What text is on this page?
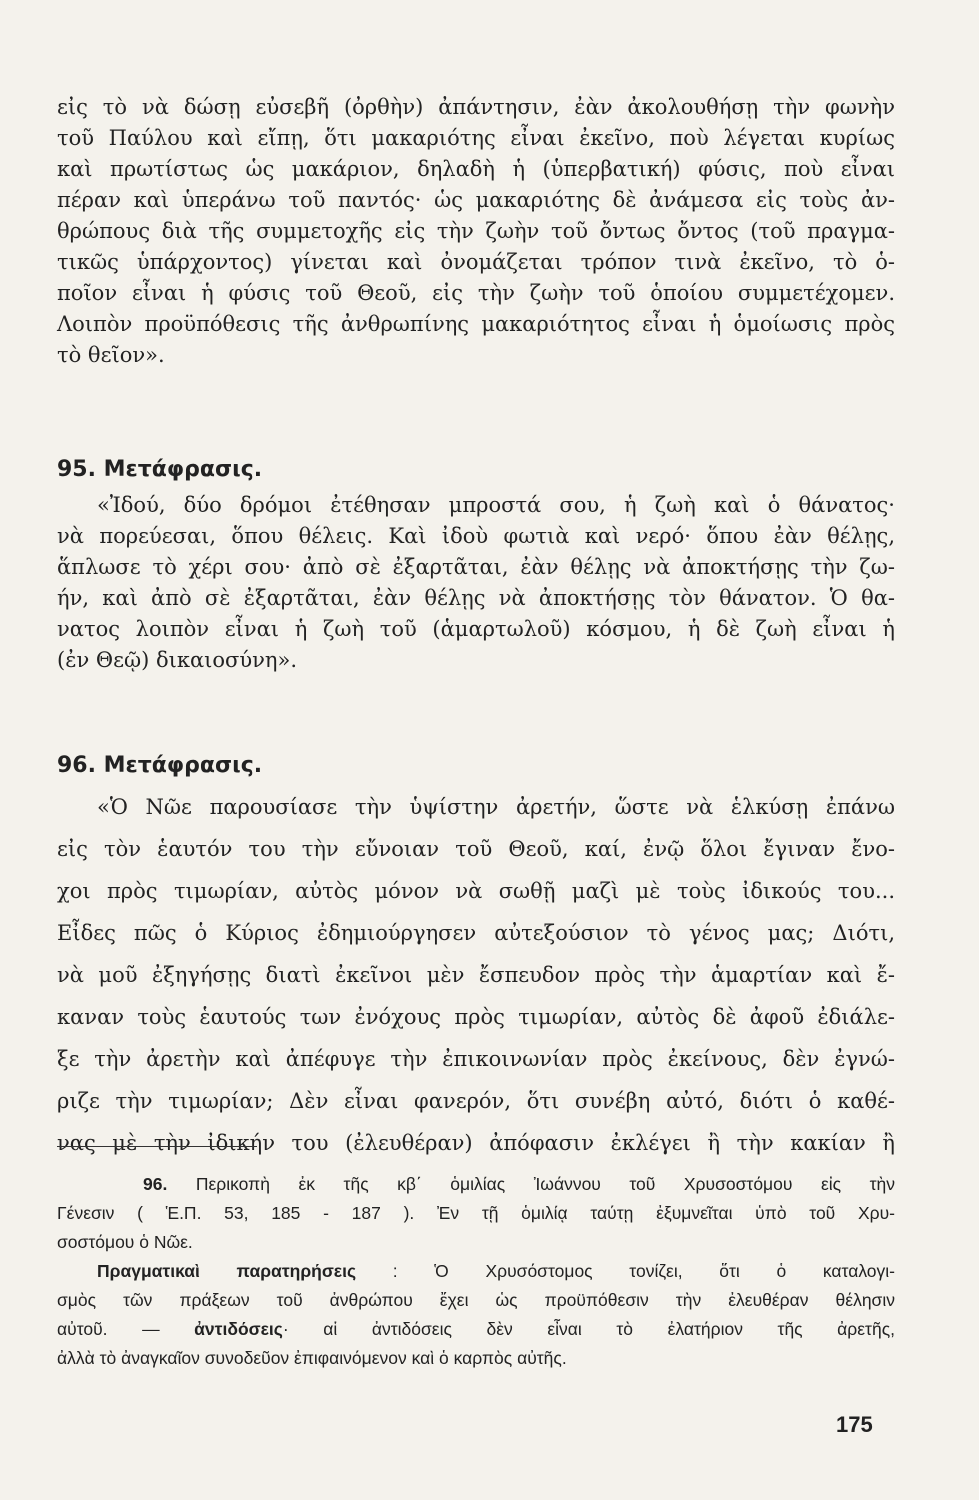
εἰς τὸ νὰ δώσῃ εὐσεβῆ (ὀρθὴν) ἀπάντησιν, ἐὰν ἀκολουθήσῃ τὴν φωνὴν
τοῦ Παύλου καὶ εἴπῃ, ὅτι μακαριότης εἶναι ἐκεῖνο, ποὺ λέγεται κυρίως
καὶ πρωτίστως ὡς μακάριον, δηλαδὴ ἡ (ὑπερβατική) φύσις, ποὺ εἶναι
πέραν καὶ ὑπεράνω τοῦ παντός· ὡς μακαριότης δὲ ἀνάμεσα εἰς τοὺς ἀν-
θρώπους διὰ τῆς συμμετοχῆς εἰς τὴν ζωὴν τοῦ ὄντως ὄντος (τοῦ πραγμα-
τικῶς ὑπάρχοντος) γίνεται καὶ ὀνομάζεται τρόπον τινὰ ἐκεῖνο, τὸ ὁ-
ποῖον εἶναι ἡ φύσις τοῦ Θεοῦ, εἰς τὴν ζωὴν τοῦ ὁποίου συμμετέχομεν.
Λοιπὸν προϋπόθεσις τῆς ἀνθρωπίνης μακαριότητος εἶναι ἡ ὁμοίωσις πρὸς
τὸ θεῖον».
95. Μετάφρασις.
«Ἰδού, δύο δρόμοι ἐτέθησαν μπροστά σου, ἡ ζωὴ καὶ ὁ θάνατος·
νὰ πορεύεσαι, ὅπου θέλεις. Καὶ ἰδοὺ φωτιὰ καὶ νερό· ὅπου ἐὰν θέλῃς,
ἅπλωσε τὸ χέρι σου· ἀπὸ σὲ ἐξαρτᾶται, ἐὰν θέλῃς νὰ ἀποκτήσῃς τὴν ζω-
ήν, καὶ ἀπὸ σὲ ἐξαρτᾶται, ἐὰν θέλῃς νὰ ἀποκτήσῃς τὸν θάνατον. Ὁ θα-
νατος λοιπὸν εἶναι ἡ ζωὴ τοῦ (ἁμαρτωλοῦ) κόσμου, ἡ δὲ ζωὴ εἶναι ἡ
(ἐν Θεῷ) δικαιοσύνη».
96. Μετάφρασις.
«Ὁ Νῶε παρουσίασε τὴν ὑψίστην ἀρετήν, ὥστε νὰ ἑλκύσῃ ἐπάνω
εἰς τὸν ἑαυτόν του τὴν εὔνοιαν τοῦ Θεοῦ, καί, ἐνῷ ὅλοι ἔγιναν ἔνο-
χοι πρὸς τιμωρίαν, αὐτὸς μόνον νὰ σωθῇ μαζὶ μὲ τοὺς ἰδικούς του...
Εἶδες πῶς ὁ Κύριος ἐδημιούργησεν αὐτεξούσιον τὸ γένος μας; Διότι,
νὰ μοῦ ἐξηγήσῃς διατὶ ἐκεῖνοι μὲν ἔσπευδον πρὸς τὴν ἁμαρτίαν καὶ ἔ-
καναν τοὺς ἑαυτούς των ἐνόχους πρὸς τιμωρίαν, αὐτὸς δὲ ἀφοῦ ἐδιάλε-
ξε τὴν ἀρετὴν καὶ ἀπέφυγε τὴν ἐπικοινωνίαν πρὸς ἐκείνους, δὲν ἐγνώ-
ριζε τὴν τιμωρίαν; Δὲν εἶναι φανερόν, ὅτι συνέβη αὐτό, διότι ὁ καθέ-
νας μὲ τὴν ἰδικήν του (ἐλευθέραν) ἀπόφασιν ἐκλέγει ἢ τὴν κακίαν ἢ
96. Περικοπὴ ἐκ τῆς κβ΄ ὁμιλίας Ἰωάννου τοῦ Χρυσοστόμου εἰς τὴν
Γένεσιν ( Ἑ.Π. 53, 185 - 187 ). Ἐν τῇ ὁμιλίᾳ ταύτῃ ἐξυμνεῖται ὑπὸ τοῦ Χρυ-
σοστόμου ὁ Νῶε.
Πραγματικαὶ παρατηρήσεις : Ὁ Χρυσόστομος τονίζει, ὅτι ὁ καταλογι-
σμὸς τῶν πράξεων τοῦ ἀνθρώπου ἔχει ὡς προϋπόθεσιν τὴν ἐλευθέραν θέλησιν
αὐτοῦ. — ἀντιδόσεις· αἱ ἀντιδόσεις δὲν εἶναι τὸ ἐλατήριον τῆς ἀρετῆς,
ἀλλὰ τὸ ἀναγκαῖον συνοδεῦον ἐπιφαινόμενον καὶ ὁ καρπὸς αὐτῆς.
175
